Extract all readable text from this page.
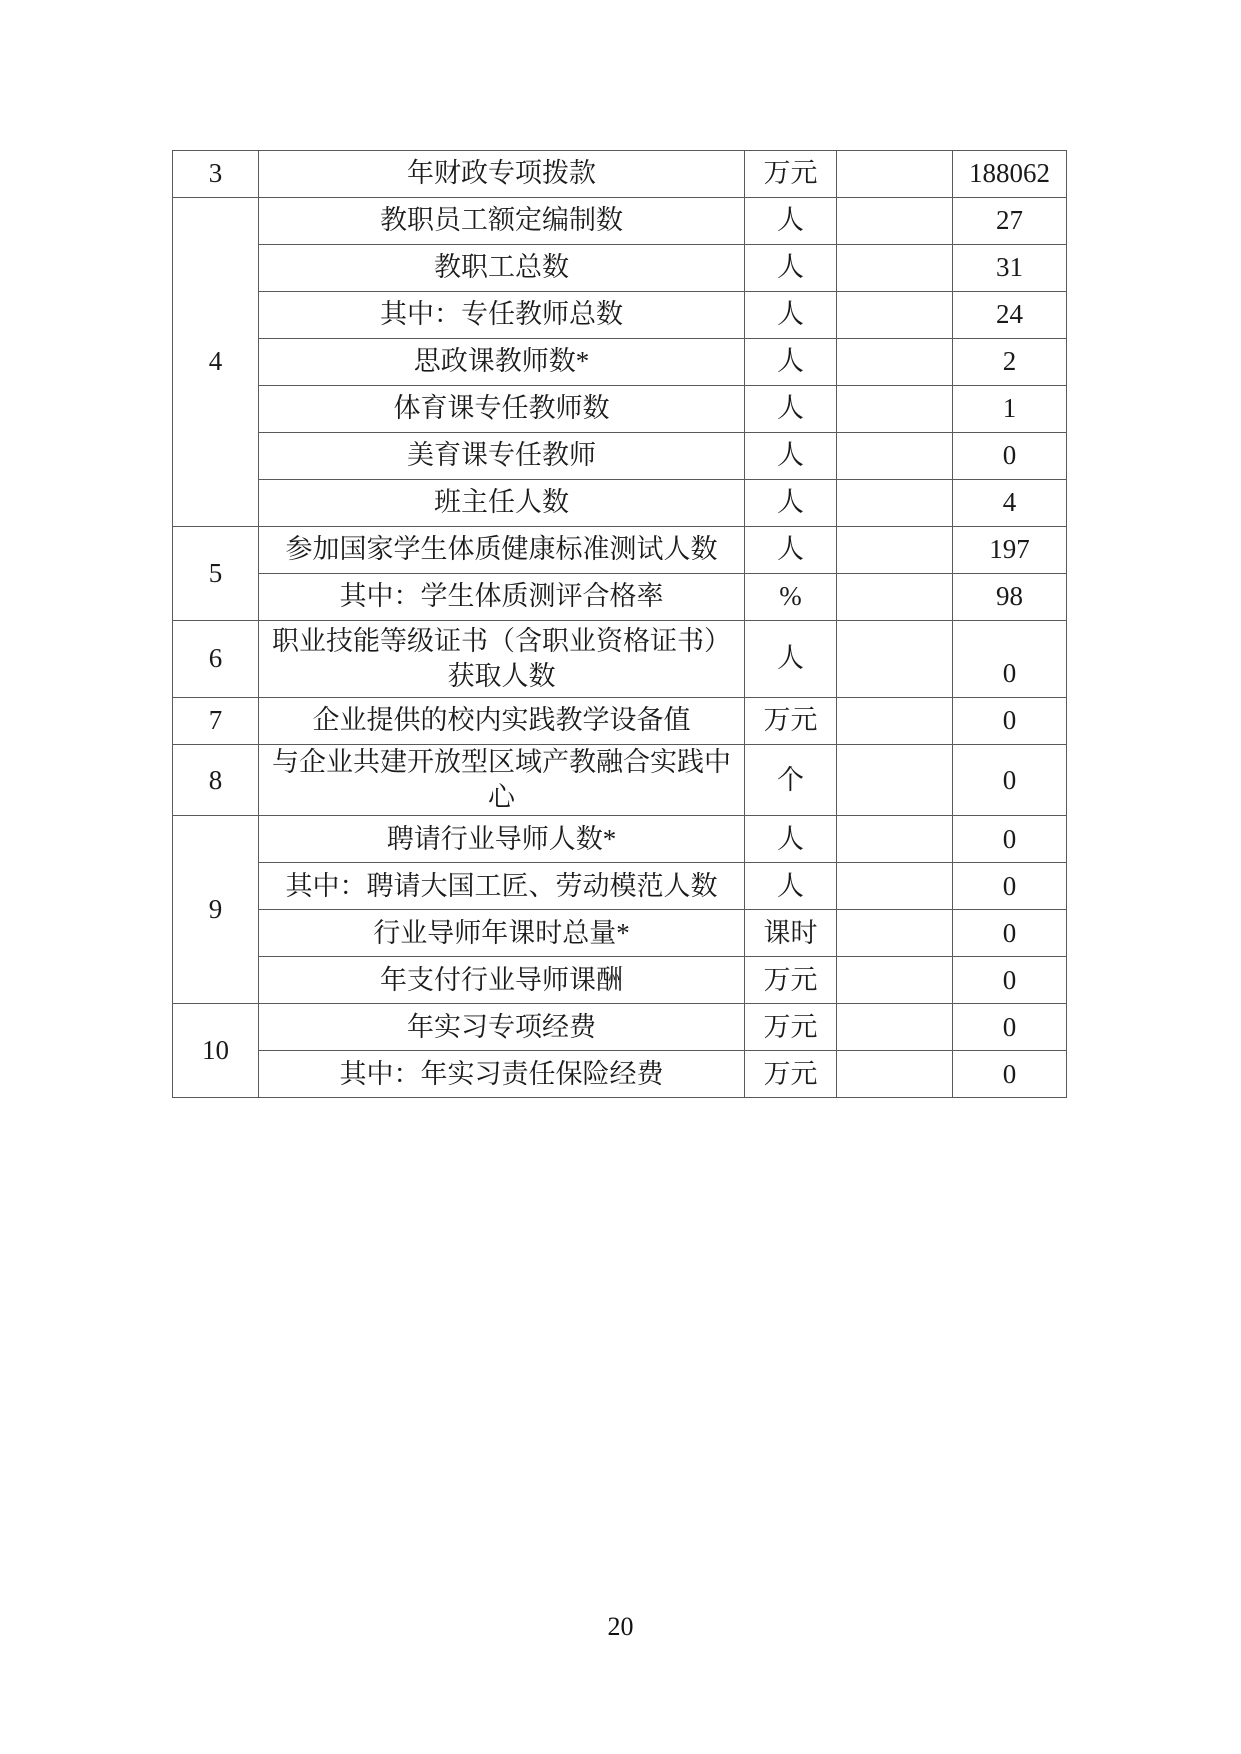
3	年财政专项拨款	万元		188062
4	教职员工额定编制数	人		27
	教职工总数	人		31
	其中：专任教师总数	人		24
	思政课教师数*	人		2
	体育课专任教师数	人		1
	美育课专任教师	人		0
	班主任人数	人		4
5	参加国家学生体质健康标准测试人数	人		197
	其中：学生体质测评合格率	%		98
6	职业技能等级证书（含职业资格证书）获取人数	人		0
7	企业提供的校内实践教学设备值	万元		0
8	与企业共建开放型区域产教融合实践中心	个		0
9	聘请行业导师人数*	人		0
	其中：聘请大国工匠、劳动模范人数	人		0
	行业导师年课时总量*	课时		0
	年支付行业导师课酬	万元		0
10	年实习专项经费	万元		0
	其中：年实习责任保险经费	万元		0
20
